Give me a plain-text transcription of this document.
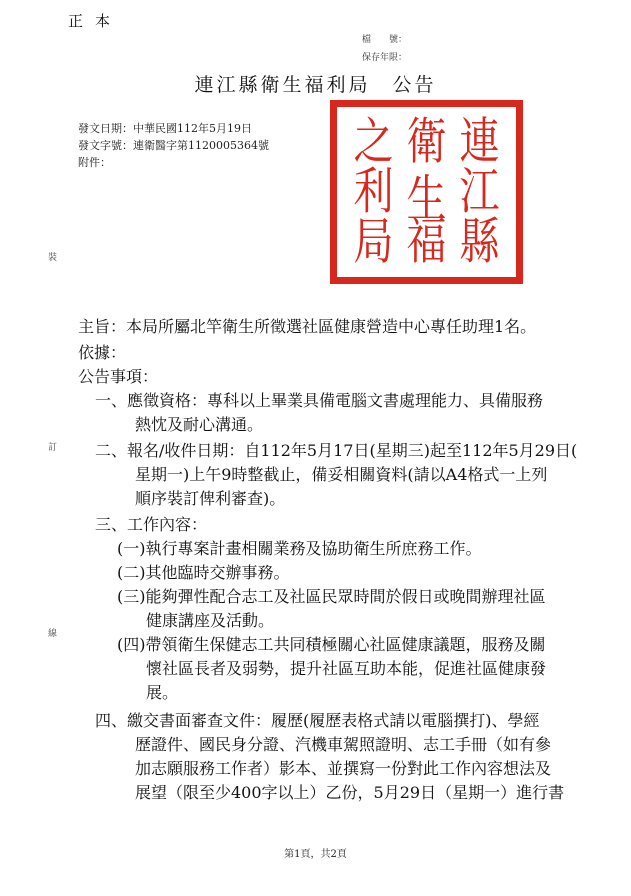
正本
檔　　號：
保存年限：
連江縣衛生福利局　公告
發文日期：中華民國112年5月19日
發文字號：連衛醫字第1120005364號
附件：	之 衛 連
利 生 江
局 福 縣
裝
訂
線
主旨：本局所屬北竿衛生所徵選社區健康營造中心專任助理1名。
依據：
公告事項：
一、應徵資格：專科以上畢業具備電腦文書處理能力、具備服務
熱忱及耐心溝通。
二、報名/收件日期：自112年5月17日(星期三)起至112年5月29日(
星期一)上午9時整截止，備妥相關資料(請以A4格式一上列
順序裝訂俾利審查)。
三、工作內容：
(一)執行專案計畫相關業務及協助衛生所庶務工作。
(二)其他臨時交辦事務。
(三)能夠彈性配合志工及社區民眾時間於假日或晚間辦理社區
健康講座及活動。
(四)帶領衛生保健志工共同積極關心社區健康議題，服務及關
懷社區長者及弱勢，提升社區互助本能，促進社區健康發
展。
四、繳交書面審查文件：履歷(履歷表格式請以電腦撰打)、學經
歷證件、國民身分證、汽機車駕照證明、志工手冊（如有參
加志願服務工作者）影本、並撰寫一份對此工作內容想法及
展望（限至少400字以上）乙份，5月29日（星期一）進行書
第1頁，共2頁
